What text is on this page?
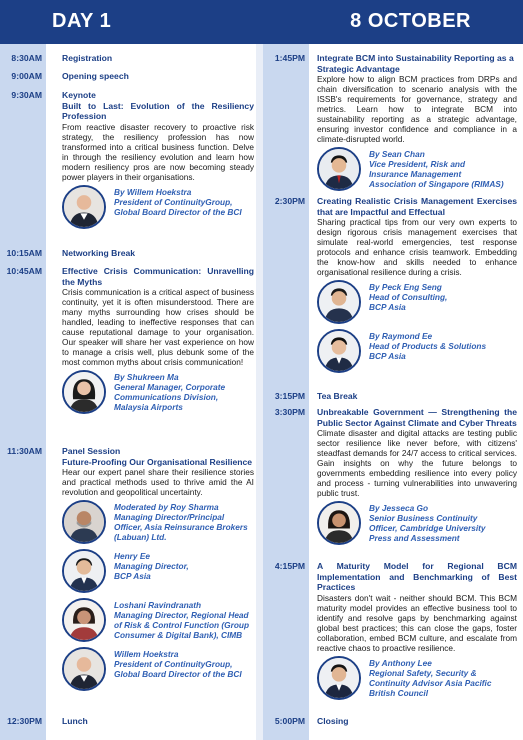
DAY 1	8 OCTOBER
8:30AM	Registration
9:00AM	Opening speech
9:30AM	Keynote
Built to Last: Evolution of the Resiliency Profession
From reactive disaster recovery to proactive risk strategy, the resiliency profession has now transformed into a critical business function. Delve in through the resiliency evolution and learn how modern resiliency pros are now becoming steady power players in their organisations.
By Willem Hoekstra
President of ContinuityGroup,
Global Board Director of the BCI
10:15AM	Networking Break
10:45AM	Effective Crisis Communication: Unravelling the Myths
Crisis communication is a critical aspect of business continuity, yet it is often misunderstood. There are many myths surrounding how crises should be handled, leading to ineffective responses that can cause reputational damage to your organisation. Our speaker will share her vast experience on how to manage a crisis well, plus debunk some of the most common myths about crisis communication!
By Shukreen Ma
General Manager, Corporate
Communications Division,
Malaysia Airports
11:30AM	Panel Session
Future-Proofing Our Organisational Resilience
Hear our expert panel share their resilience stories and practical methods used to thrive amid the AI revolution and geopolitical uncertainty.
Moderated by Roy Sharma
Managing Director/Principal
Officer, Asia Reinsurance Brokers
(Labuan) Ltd.
Henry Ee
Managing Director,
BCP Asia
Loshani Ravindranath
Managing Director, Regional Head
of Risk & Control Function (Group
Consumer & Digital Bank), CIMB
Willem Hoekstra
President of ContinuityGroup,
Global Board Director of the BCI
12:30PM	Lunch
1:45PM	Integrate BCM into Sustainability Reporting as a Strategic Advantage
Explore how to align BCM practices from DRPs and chain diversification to scenario analysis with the ISSB's requirements for governance, strategy and metrics. Learn how to integrate BCM into sustainability reporting as a strategic advantage, ensuring investor confidence and compliance in a climate-disrupted world.
By Sean Chan
Vice President, Risk and
Insurance Management
Association of Singapore (RIMAS)
2:30PM	Creating Realistic Crisis Management Exercises that are Impactful and Effectual
Sharing practical tips from our very own experts to design rigorous crisis management exercises that simulate real-world emergencies, test response protocols and enhance crisis teamwork. Embedding the know-how and skills needed to enhance organisational resilience during a crisis.
By Peck Eng Seng
Head of Consulting,
BCP Asia
By Raymond Ee
Head of Products & Solutions
BCP Asia
3:15PM	Tea Break
3:30PM	Unbreakable Government — Strengthening the Public Sector Against Climate and Cyber Threats
Climate disaster and digital attacks are testing public sector resilience like never before, with citizens' steadfast demands for 24/7 access to critical services. Gain insights on why the future belongs to governments embedding resilience into every policy and process - turning vulnerabilities into unwavering public trust.
By Jesseca Go
Senior Business Continuity
Officer, Cambridge University
Press and Assessment
4:15PM	A Maturity Model for Regional BCM Implementation and Benchmarking of Best Practices
Disasters don't wait - neither should BCM. This BCM maturity model provides an effective business tool to identify and resolve gaps by benchmarking against global best practices; this can close the gaps, foster collaboration, embed BCM culture, and escalate from reactive chaos to proactive resilience.
By Anthony Lee
Regional Safety, Security &
Continuity Advisor Asia Pacific
British Council
5:00PM	Closing
